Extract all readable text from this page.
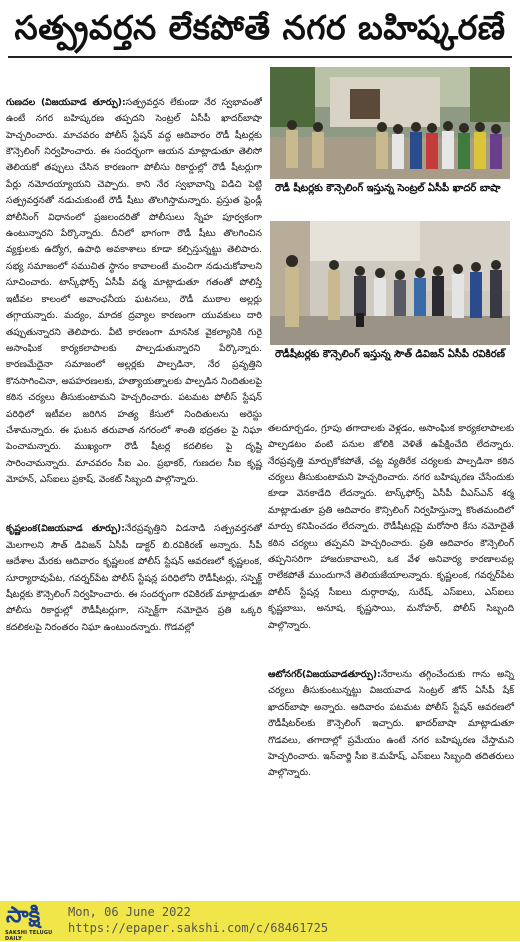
సత్ప్రవర్తన లేకపోతే నగర బహిష్కరణే

గుణదల (విజయవాడ తూర్పు):సత్ప్రవర్తన లేకుండా నేర స్వభావంతో ఉంటే నగర బహిష్కరణ తప్పదని సెంట్రల్ ఏసీపీ ఖాదర్‌బాషా హెచ్చరించారు. మాచవరం పోలీస్ స్టేషన్ వద్ద ఆదివారం రౌడీ షీటర్లకు కౌన్సెలింగ్ నిర్వహించారు. ఈ సందర్భంగా ఆయన మాట్లాడుతూ తెలిసో తెలియకో తప్పులు చేసిన కారణంగా పోలీసు రికార్డుల్లో రౌడీ షీటర్లుగా పేర్లు నమోదయ్యాయని చెప్పారు. కాని నేర స్వభావాన్ని విడిచి పెట్టి సత్ప్రవర్తనతో నడుచుకుంటే రౌడీ షీటు తొలగిస్తామన్నారు. ప్రస్తుత ఫ్రెండ్లీ పోలీసింగ్ విధానంలో ప్రజలందరితో పోలీసులు స్నేహ పూర్వకంగా ఉంటున్నారని పేర్కొన్నారు. దీనిలో భాగంగా రౌడీ షీటు తొలగించిన వ్యక్తులకు ఉద్యోగ, ఉపాధి అవకాశాలు కూడా కల్పిస్తున్నట్టు తెలిపారు. సభ్య సమాజంలో సముచిత స్థానం కావాలంటే మంచిగా నడుచుకోవాలని సూచించారు. టాస్క్‌ఫోర్స్ ఏసీపీ వర్మ మాట్లాడుతూ గతంతో పోలిస్తే ఇటీవల కాలంలో అవాంఛనీయ ఘటనలు, రౌడీ ముఠాల అల్లర్లు తగ్గాయన్నారు. మద్యం, మాదక ద్రవ్యాల కారణంగా యువకులు దారి తప్పుతున్నారని తెలిపారు. వీటి కారణంగా మానసిక వైకల్యానికి గురై అసాంఘిక కార్యకలాపాలకు పాల్పడుతున్నారని పేర్కొన్నారు. కారణమేదైనా సమాజంలో అల్లర్లకు పాల్పడినా, నేర ప్రవృత్తిని కొనసాగించినా, అపహరణలకు, హత్యాయత్నాలకు పాల్పడిన నిందితులపై కఠిన చర్యలు తీసుకుంటామని హెచ్చరించారు. పటమట పోలీస్ స్టేషన్ పరిధిలో ఇటీవల జరిగిన హత్య కేసులో నిందితులను అరెస్టు చేశామన్నారు. ఈ ఘటన తరువాత నగరంలో శాంతి భద్రతల పై నిఘా పెంచామన్నారు. ముఖ్యంగా రౌడీ షీటర్ల కదలికల పై దృష్టి సారించామన్నారు. మాచవరం సీఐ ఎం. ప్రభాకర్, గుణదల సీఐ కృష్ణ మోహన్, ఎస్ఐలు ప్రకాష్, వెంకట్ సిబ్బంది పాల్గొన్నారు.

కృష్ణలంక(విజయవాడ తూర్పు):నేరప్రవృత్తిని విడనాడి సత్ప్రవర్తనతో మెలగాలని సౌత్ డివిజన్ ఏసీపీ డాక్టర్ బి.రవికిరణ్ అన్నారు. సీపీ ఆదేశాల మేరకు ఆదివారం కృష్ణలంక పోలీస్ స్టేషన్ ఆవరణలో కృష్ణలంక, సూర్యారావుపేట, గవర్నర్‌పేట పోలీస్ స్టేషన్ల పరిధిలోని రౌడీషీటర్లు, సస్పెక్ట్ షీటర్లకు కౌన్సెలింగ్ నిర్వహించారు. ఈ సందర్భంగా రవికిరణ్ మాట్లాడుతూ పోలీసు రికార్డుల్లో రౌడీషీటర్లుగా, సస్పెక్ట్‌గా నమోదైన ప్రతి ఒక్కరి కదలికలపై నిరంతరం నిఘా ఉంటుందన్నారు. గొడవల్లో

రౌడీ షీటర్లకు కౌన్సెలింగ్ ఇస్తున్న సెంట్రల్ ఏసీపీ ఖాదర్ బాషా
రౌడీషీటర్లకు కౌన్సెలింగ్ ఇస్తున్న సౌత్ డివిజన్ ఏసీపీ రవికిరణ్

తలదూర్చడం, గ్రూపు తగాదాలకు వెళ్లడం, అసాంఘిక కార్యకలాపాలకు పాల్పడటం వంటి పనుల జోలికి వెళితే ఉపేక్షించేది లేదన్నారు. నేరప్రవృత్తి మార్చుకోకపోతే, చట్ట వ్యతిరేక చర్యలకు పాల్పడినా కఠిన చర్యలు తీసుకుంటామని హెచ్చరించారు. నగర బహిష్కరణ చేసేందుకు కూడా వెనకాడేది లేదన్నారు. టాస్క్‌ఫోర్స్ ఏసీపీ వీఎస్ఎన్ శర్మ మాట్లాడుతూ ప్రతి ఆదివారం కౌన్సిలింగ్ నిర్వహిస్తున్నా కొంతమందిలో మార్పు కనిపించడం లేదన్నారు. రౌడీషీటర్లపై మరోసారి కేసు నమోదైతే కఠిన చర్యలు తప్పవని హెచ్చరించారు. ప్రతి ఆదివారం కౌన్సెలింగ్ తప్పనిసరిగా హాజరుకావాలని, ఒక వేళ అనివార్య కారణాలవల్ల రాలేకపోతే ముందుగానే తెలియజేయాలన్నారు. కృష్ణలంక, గవర్నర్‌పేట పోలీస్ స్టేషన్ల సీఐలు దుర్గారావు, సురేష్, ఎస్ఐలు, ఎస్ఐలు కృష్ణబాబు, అనూష, కృష్ణసాయి, మనోహర్, పోలీస్ సిబ్బంది పాల్గొన్నారు.

ఆటోనగర్(విజయవాడతూర్పు):నేరాలను తగ్గించేందుకు గాను అన్ని చర్యలు తీసుకుంటున్నట్టు విజయవాడ సెంట్రల్ జోన్ ఏసీపీ షేక్ ఖాదర్‌బాషా అన్నారు. ఆదివారం పటమట పోలీస్ స్టేషన్ ఆవరణలో రౌడీషీటర్‌లకు కౌన్సెలింగ్ ఇచ్చారు. ఖాదర్‌బాషా మాట్లాడుతూ గొడవలు, తగాదాల్లో ప్రమేయం ఉంటే నగర బహిష్కరణ చేస్తామని హెచ్చరించారు. ఇన్‌చార్జి సీఐ కె.మహేష్, ఎస్ఐలు సిబ్బంది తదితరులు పాల్గొన్నారు.

సాక్షి
SAKSHI TELUGU DAILY
Mon, 06 June 2022
https://epaper.sakshi.com/c/68461725
